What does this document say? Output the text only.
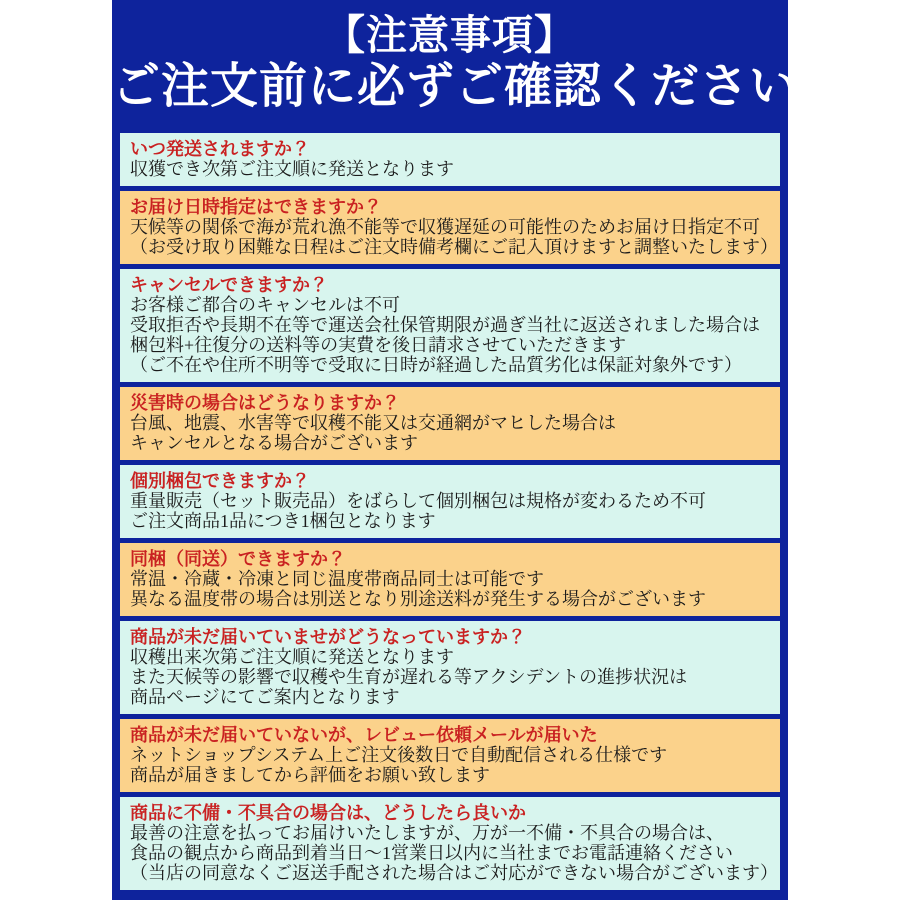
【注意事項】
ご注文前に必ずご確認ください
いつ発送されますか？
収獲でき次第ご注文順に発送となります
お届け日時指定はできますか？
天候等の関係で海が荒れ漁不能等で収獲遅延の可能性のためお届け日指定不可
（お受け取り困難な日程はご注文時備考欄にご記入頂けますと調整いたします）
キャンセルできますか？
お客様ご都合のキャンセルは不可
受取拒否や長期不在等で運送会社保管期限が過ぎ当社に返送されました場合は
梱包料+往復分の送料等の実費を後日請求させていただきます
（ご不在や住所不明等で受取に日時が経過した品質劣化は保証対象外です）
災害時の場合はどうなりますか？
台風、地震、水害等で収穫不能又は交通網がマヒした場合は
キャンセルとなる場合がございます
個別梱包できますか？
重量販売（セット販売品）をばらして個別梱包は規格が変わるため不可
ご注文商品1品につき1梱包となります
同梱（同送）できますか？
常温・冷蔵・冷凍と同じ温度帯商品同士は可能です
異なる温度帯の場合は別送となり別途送料が発生する場合がございます
商品が未だ届いていませがどうなっていますか？
収穫出来次第ご注文順に発送となります
また天候等の影響で収穫や生育が遅れる等アクシデントの進捗状況は
商品ページにてご案内となります
商品が未だ届いていないが、レビュー依頼メールが届いた
ネットショップシステム上ご注文後数日で自動配信される仕様です
商品が届きましてから評価をお願い致します
商品に不備・不具合の場合は、どうしたら良いか
最善の注意を払ってお届けいたしますが、万が一不備・不具合の場合は、
食品の観点から商品到着当日～1営業日以内に当社までお電話連絡ください
（当店の同意なくご返送手配された場合はご対応ができない場合がございます）
